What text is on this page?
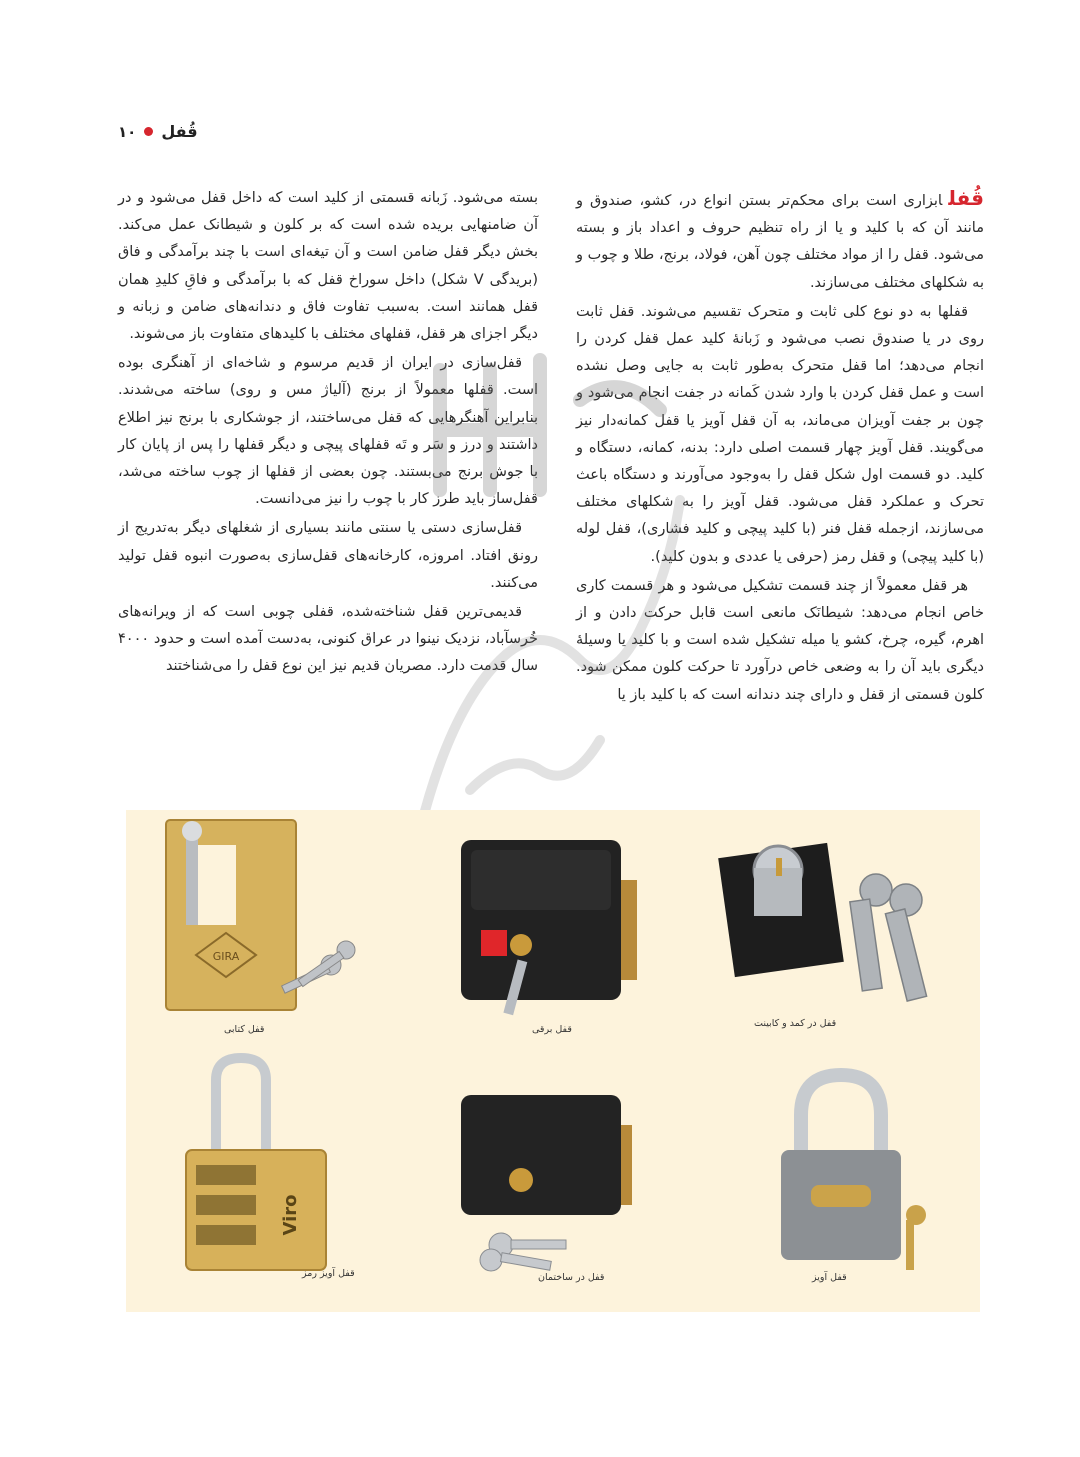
قُفل
۱۰

قُفلابزاری است برای محکم‌تر بستن انواع در، کشو، صندوق و مانند آن که با کلید و یا از راه تنظیم حروف و اعداد باز و بسته می‌شود. قفل را از مواد مختلف چون آهن، فولاد، برنج، طلا و چوب و به شکلهای مختلف می‌سازند.

قفلها به دو نوع کلی ثابت و متحرک تقسیم می‌شوند. قفل ثابت روی در یا صندوق نصب می‌شود و زَبانهٔ کلید عمل قفل کردن را انجام می‌دهد؛ اما قفل متحرک به‌طور ثابت به جایی وصل نشده است و عمل قفل کردن با وارد شدن کَمانه در جفت انجام می‌شود و چون بر جفت آویزان می‌ماند، به آن قفل آویز یا قفل کمانه‌دار نیز می‌گویند. قفل آویز چهار قسمت اصلی دارد: بدنه، کمانه، دستگاه و کلید. دو قسمت اول شکل قفل را به‌وجود می‌آورند و دستگاه باعث تحرک و عملکرد قفل می‌شود. قفل آویز را به شکلهای مختلف می‌سازند، ازجمله قفل فنر (با کلید پیچی و کلید فشاری)، قفل لوله (با کلید پیچی) و قفل رمز (حرفی یا عددی و بدون کلید).

هر قفل معمولاً از چند قسمت تشکیل می‌شود و هر قسمت کاری خاص انجام می‌دهد: شیطانَک مانعی است قابل حرکت دادن و از اهرم، گیره، چرخ، کشو یا میله تشکیل شده است و با کلید یا وسیلهٔ دیگری باید آن را به وضعی خاص درآورد تا حرکت کلون ممکن شود. کلون قسمتی از قفل و دارای چند دندانه است که با کلید باز یا

بسته می‌شود. زَبانه قسمتی از کلید است که داخل قفل می‌شود و در آن ضامنهایی بریده شده است که بر کلون و شیطانک عمل می‌کند. بخش دیگر قفل ضامن است و آن تیغه‌ای است با چند برآمدگی و فاق (بریدگی V شکل) داخل سوراخ قفل که با برآمدگی و فاقِ کلیدِ همان قفل همانند است. به‌سبب تفاوت فاق و دندانه‌های ضامن و زبانه و دیگر اجزای هر قفل، قفلهای مختلف با کلیدهای متفاوت باز می‌شوند.

قفل‌سازی در ایران از قدیم مرسوم و شاخه‌ای از آهنگری بوده است. قفلها معمولاً از برنج (آلیاژ مس و روی) ساخته می‌شدند. بنابراین آهنگرهایی که قفل می‌ساختند، از جوشکاری با برنج نیز اطلاع داشتند و درز و سَر و تَه قفلهای پیچی و دیگر قفلها را پس از پایان کار با جوش برنج می‌بستند. چون بعضی از قفلها از چوب ساخته می‌شد، قفل‌ساز باید طرز کار با چوب را نیز می‌دانست.

قفل‌سازی دستی یا سنتی مانند بسیاری از شغلهای دیگر به‌تدریج از رونق افتاد. امروزه، کارخانه‌های قفل‌سازی به‌صورت انبوه قفل تولید می‌کنند.

قدیمی‌ترین قفل شناخته‌شده، قفلی چوبی است که از ویرانه‌های خُرسآباد، نزدیک نینوا در عراق کنونی، به‌دست آمده است و حدود ۴۰۰۰ سال قدمت دارد. مصریان قدیم نیز این نوع قفل را می‌شناختند

قفل در کمد و کابینت
قفل برقی
GIRA
قفل کتابی
قفل آویز
قفل در ساختمان
Viro
قفل آویز رمز
